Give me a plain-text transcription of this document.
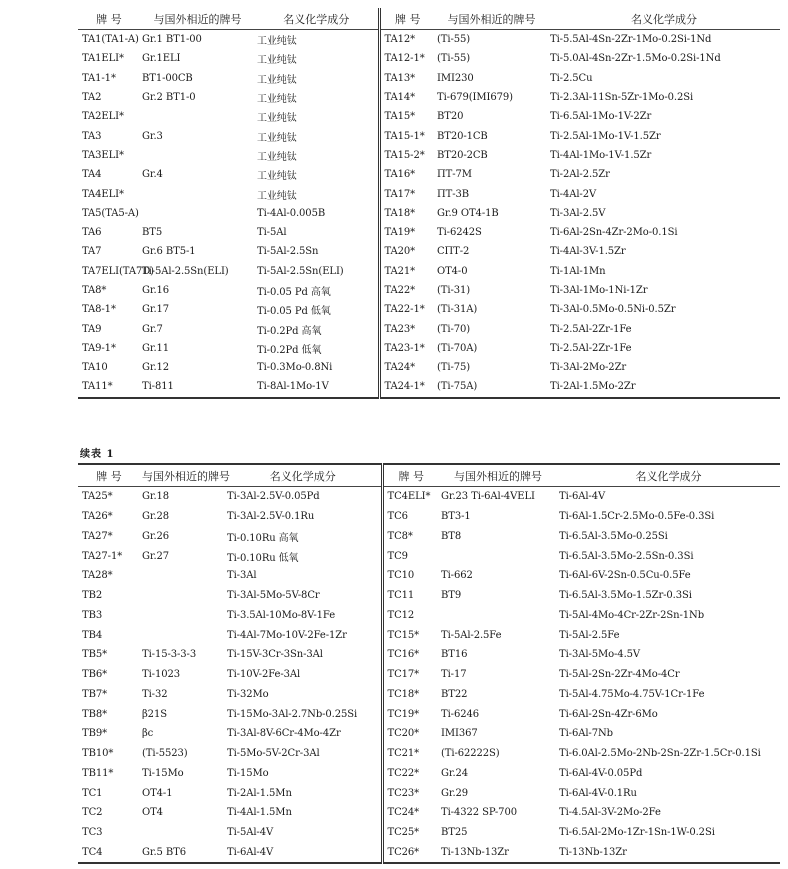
牌 号	与国外相近的牌号	名义化学成分	牌 号	与国外相近的牌号	名义化学成分
TA1(TA1-A)	Gr.1 BT1-00	工业纯钛	TA12*	(Ti-55)	Ti-5.5Al-4Sn-2Zr-1Mo-0.2Si-1Nd
TA1ELI*	Gr.1ELI	工业纯钛	TA12-1*	(Ti-55)	Ti-5.0Al-4Sn-2Zr-1.5Mo-0.2Si-1Nd
TA1-1*	BT1-00CB	工业纯钛	TA13*	IMI230	Ti-2.5Cu
TA2	Gr.2 BT1-0	工业纯钛	TA14*	Ti-679(IMI679)	Ti-2.3Al-11Sn-5Zr-1Mo-0.2Si
TA2ELI*		工业纯钛	TA15*	BT20	Ti-6.5Al-1Mo-1V-2Zr
TA3	Gr.3	工业纯钛	TA15-1*	BT20-1CB	Ti-2.5Al-1Mo-1V-1.5Zr
TA3ELI*		工业纯钛	TA15-2*	BT20-2CB	Ti-4Al-1Mo-1V-1.5Zr
TA4	Gr.4	工业纯钛	TA16*	ПТ-7М	Ti-2Al-2.5Zr
TA4ELI*		工业纯钛	TA17*	ПТ-3В	Ti-4Al-2V
TA5(TA5-A)		Ti-4Al-0.005B	TA18*	Gr.9 OT4-1B	Ti-3Al-2.5V
TA6	BT5	Ti-5Al	TA19*	Ti-6242S	Ti-6Al-2Sn-4Zr-2Mo-0.1Si
TA7	Gr.6 BT5-1	Ti-5Al-2.5Sn	TA20*	СПТ-2	Ti-4Al-3V-1.5Zr
TA7ELI(TA7D)	Ti-5Al-2.5Sn(ELI)	Ti-5Al-2.5Sn(ELI)	TA21*	OT4-0	Ti-1Al-1Mn
TA8*	Gr.16	Ti-0.05 Pd 高氧	TA22*	(Ti-31)	Ti-3Al-1Mo-1Ni-1Zr
TA8-1*	Gr.17	Ti-0.05 Pd 低氧	TA22-1*	(Ti-31A)	Ti-3Al-0.5Mo-0.5Ni-0.5Zr
TA9	Gr.7	Ti-0.2Pd 高氧	TA23*	(Ti-70)	Ti-2.5Al-2Zr-1Fe
TA9-1*	Gr.11	Ti-0.2Pd 低氧	TA23-1*	(Ti-70A)	Ti-2.5Al-2Zr-1Fe
TA10	Gr.12	Ti-0.3Mo-0.8Ni	TA24*	(Ti-75)	Ti-3Al-2Mo-2Zr
TA11*	Ti-811	Ti-8Al-1Mo-1V	TA24-1*	(Ti-75A)	Ti-2Al-1.5Mo-2Zr
续表 1
牌 号	与国外相近的牌号	名义化学成分	牌 号	与国外相近的牌号	名义化学成分
TA25*	Gr.18	Ti-3Al-2.5V-0.05Pd	TC4ELI*	Gr.23 Ti-6Al-4VELI	Ti-6Al-4V
TA26*	Gr.28	Ti-3Al-2.5V-0.1Ru	TC6	BT3-1	Ti-6Al-1.5Cr-2.5Mo-0.5Fe-0.3Si
TA27*	Gr.26	Ti-0.10Ru 高氧	TC8*	BT8	Ti-6.5Al-3.5Mo-0.25Si
TA27-1*	Gr.27	Ti-0.10Ru 低氧	TC9		Ti-6.5Al-3.5Mo-2.5Sn-0.3Si
TA28*		Ti-3Al	TC10	Ti-662	Ti-6Al-6V-2Sn-0.5Cu-0.5Fe
TB2		Ti-3Al-5Mo-5V-8Cr	TC11	BT9	Ti-6.5Al-3.5Mo-1.5Zr-0.3Si
TB3		Ti-3.5Al-10Mo-8V-1Fe	TC12		Ti-5Al-4Mo-4Cr-2Zr-2Sn-1Nb
TB4		Ti-4Al-7Mo-10V-2Fe-1Zr	TC15*	Ti-5Al-2.5Fe	Ti-5Al-2.5Fe
TB5*	Ti-15-3-3-3	Ti-15V-3Cr-3Sn-3Al	TC16*	BT16	Ti-3Al-5Mo-4.5V
TB6*	Ti-1023	Ti-10V-2Fe-3Al	TC17*	Ti-17	Ti-5Al-2Sn-2Zr-4Mo-4Cr
TB7*	Ti-32	Ti-32Mo	TC18*	BT22	Ti-5Al-4.75Mo-4.75V-1Cr-1Fe
TB8*	β21S	Ti-15Mo-3Al-2.7Nb-0.25Si	TC19*	Ti-6246	Ti-6Al-2Sn-4Zr-6Mo
TB9*	βc	Ti-3Al-8V-6Cr-4Mo-4Zr	TC20*	IMI367	Ti-6Al-7Nb
TB10*	(Ti-5523)	Ti-5Mo-5V-2Cr-3Al	TC21*	(Ti-62222S)	Ti-6.0Al-2.5Mo-2Nb-2Sn-2Zr-1.5Cr-0.1Si
TB11*	Ti-15Mo	Ti-15Mo	TC22*	Gr.24	Ti-6Al-4V-0.05Pd
TC1	OT4-1	Ti-2Al-1.5Mn	TC23*	Gr.29	Ti-6Al-4V-0.1Ru
TC2	OT4	Ti-4Al-1.5Mn	TC24*	Ti-4322 SP-700	Ti-4.5Al-3V-2Mo-2Fe
TC3		Ti-5Al-4V	TC25*	BT25	Ti-6.5Al-2Mo-1Zr-1Sn-1W-0.2Si
TC4	Gr.5 BT6	Ti-6Al-4V	TC26*	Ti-13Nb-13Zr	Ti-13Nb-13Zr
